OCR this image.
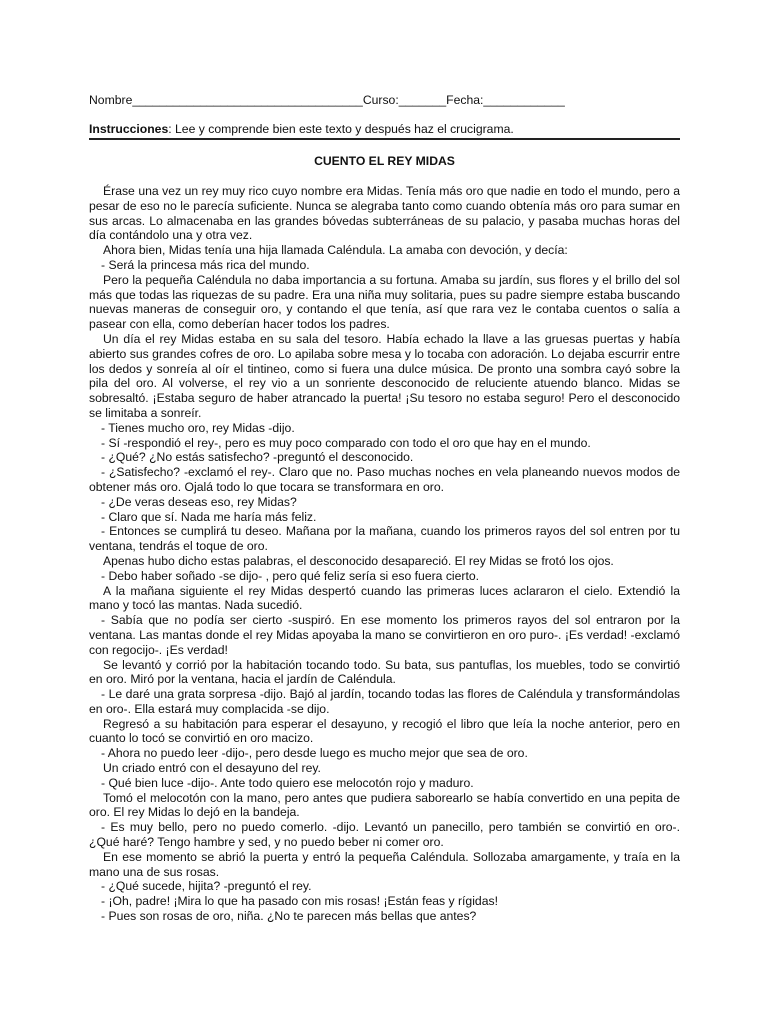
Nombre__________________________________Curso:_______Fecha:____________
Instrucciones: Lee y comprende bien este texto y después haz el crucigrama.
CUENTO EL REY MIDAS

Érase una vez un rey muy rico cuyo nombre era Midas. Tenía más oro que nadie en todo el mundo, pero a pesar de eso no le parecía suficiente. Nunca se alegraba tanto como cuando obtenía más oro para sumar en sus arcas. Lo almacenaba en las grandes bóvedas subterráneas de su palacio, y pasaba muchas horas del día contándolo una y otra vez.

Ahora bien, Midas tenía una hija llamada Caléndula. La amaba con devoción, y decía:

- Será la princesa más rica del mundo.

Pero la pequeña Caléndula no daba importancia a su fortuna. Amaba su jardín, sus flores y el brillo del sol más que todas las riquezas de su padre. Era una niña muy solitaria, pues su padre siempre estaba buscando nuevas maneras de conseguir oro, y contando el que tenía, así que rara vez le contaba cuentos o salía a pasear con ella, como deberían hacer todos los padres.

Un día el rey Midas estaba en su sala del tesoro. Había echado la llave a las gruesas puertas y había abierto sus grandes cofres de oro. Lo apilaba sobre mesa y lo tocaba con adoración. Lo dejaba escurrir entre los dedos y sonreía al oír el tintineo, como si fuera una dulce música. De pronto una sombra cayó sobre la pila del oro. Al volverse, el rey vio a un sonriente desconocido de reluciente atuendo blanco. Midas se sobresaltó. ¡Estaba seguro de haber atrancado la puerta! ¡Su tesoro no estaba seguro! Pero el desconocido se limitaba a sonreír.

- Tienes mucho oro, rey Midas -dijo.

- Sí -respondió el rey-, pero es muy poco comparado con todo el oro que hay en el mundo.

- ¿Qué? ¿No estás satisfecho? -preguntó el desconocido.

- ¿Satisfecho? -exclamó el rey-. Claro que no. Paso muchas noches en vela planeando nuevos modos de obtener más oro. Ojalá todo lo que tocara se transformara en oro.

- ¿De veras deseas eso, rey Midas?

- Claro que sí. Nada me haría más feliz.

- Entonces se cumplirá tu deseo. Mañana por la mañana, cuando los primeros rayos del sol entren por tu ventana, tendrás el toque de oro.

Apenas hubo dicho estas palabras, el desconocido desapareció. El rey Midas se frotó los ojos.

- Debo haber soñado -se dijo- , pero qué feliz sería si eso fuera cierto.

A la mañana siguiente el rey Midas despertó cuando las primeras luces aclararon el cielo. Extendió la mano y tocó las mantas. Nada sucedió.

- Sabía que no podía ser cierto -suspiró. En ese momento los primeros rayos del sol entraron por la ventana. Las mantas donde el rey Midas apoyaba la mano se convirtieron en oro puro-. ¡Es verdad! -exclamó con regocijo-. ¡Es verdad!

Se levantó y corrió por la habitación tocando todo. Su bata, sus pantuflas, los muebles, todo se convirtió en oro. Miró por la ventana, hacia el jardín de Caléndula.

- Le daré una grata sorpresa -dijo. Bajó al jardín, tocando todas las flores de Caléndula y transformándolas en oro-. Ella estará muy complacida -se dijo.

Regresó a su habitación para esperar el desayuno, y recogió el libro que leía la noche anterior, pero en cuanto lo tocó se convirtió en oro macizo.

- Ahora no puedo leer -dijo-, pero desde luego es mucho mejor que sea de oro.

Un criado entró con el desayuno del rey.

- Qué bien luce -dijo-. Ante todo quiero ese melocotón rojo y maduro.

Tomó el melocotón con la mano, pero antes que pudiera saborearlo se había convertido en una pepita de oro. El rey Midas lo dejó en la bandeja.

- Es muy bello, pero no puedo comerlo. -dijo. Levantó un panecillo, pero también se convirtió en oro-. ¿Qué haré? Tengo hambre y sed, y no puedo beber ni comer oro.

En ese momento se abrió la puerta y entró la pequeña Caléndula. Sollozaba amargamente, y traía en la mano una de sus rosas.

- ¿Qué sucede, hijita? -preguntó el rey.

- ¡Oh, padre! ¡Mira lo que ha pasado con mis rosas! ¡Están feas y rígidas!

- Pues son rosas de oro, niña. ¿No te parecen más bellas que antes?
